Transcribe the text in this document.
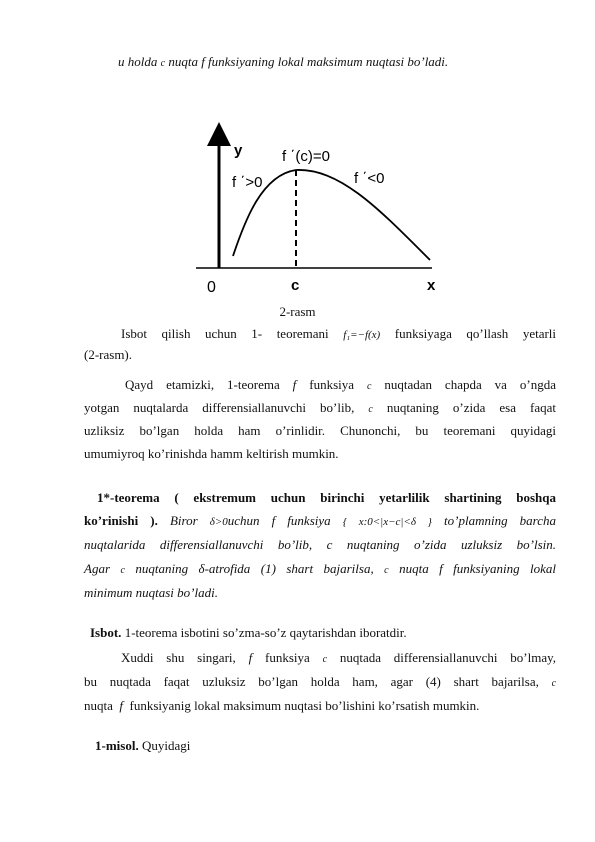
u holda c nuqta f funksiyaning lokal maksimum nuqtasi bo’ladi.
y
0	c	x
f ΄(c)=0
f ΄>0	f ΄<0
2-rasm
Isbot qilish uchun 1- teoremani f₁=−f(x) funksiyaga qo’llash yetarli
(2-rasm).
Qayd etamizki, 1-teorema f funksiya c nuqtadan chapda va o’ngda
yotgan nuqtalarda differensiallanuvchi bo’lib, c nuqtaning o’zida esa faqat
uzliksiz bo’lgan holda ham o’rinlidir. Chunonchi, bu teoremani quyidagi
umumiyroq ko’rinishda hamm keltirish mumkin.
1*-teorema ( ekstremum uchun birinchi yetarlilik shartining boshqa
ko’rinishi ). Biror δ>0uchun f funksiya { x:0<|x−c|<δ } to’plamning barcha
nuqtalarida differensiallanuvchi bo’lib, c nuqtaning o’zida uzluksiz bo’lsin.
Agar c nuqtaning δ-atrofida (1) shart bajarilsa, c nuqta f funksiyaning lokal
minimum nuqtasi bo’ladi.
Isbot. 1-teorema isbotini so’zma-so’z qaytarishdan iboratdir.
Xuddi shu singari, f funksiya c nuqtada differensiallanuvchi bo’lmay,
bu nuqtada faqat uzluksiz bo’lgan holda ham, agar (4) shart bajarilsa, c
nuqta f funksiyanig lokal maksimum nuqtasi bo’lishini ko’rsatish mumkin.
1-misol. Quyidagi
